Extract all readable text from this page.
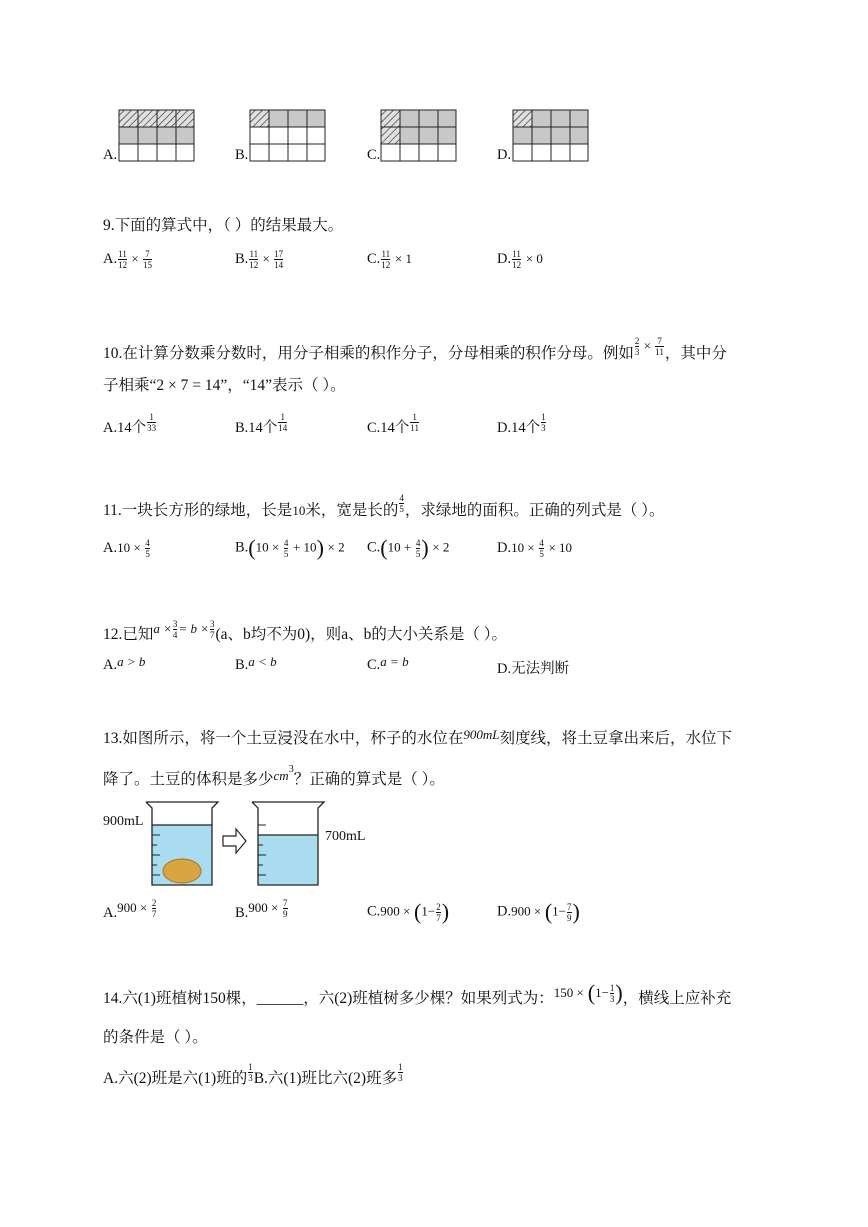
A.	B.	C.	D.
9.下面的算式中，（ ）的结果最大。
A. $\frac{11}{12} \times \frac{7}{15}$	B. $\frac{11}{12} \times \frac{17}{14}$	C. $\frac{11}{12} \times 1$	D. $\frac{11}{12} \times 0$
10.在计算分数乘分数时，用分子相乘的积作分子，分母相乘的积作分母。例如 $\frac{2}{3} ^\times \frac{7}{11}$ ，其中分
子相乘“2 × 7 = 14”，“14”表示（ ）。
A.14个 $\frac{1}{33}$	B.14个 $\frac{1}{14}$	C.14个 $\frac{1}{11}$	D.14个 $\frac{1}{3}$
11.一块长方形的绿地，长是10米，宽是长的 $\frac{4}{5}$ ，求绿地的面积。正确的列式是（ ）。
$A.10 \times \frac{4}{5}$	$B.(10 \times \frac{4}{5} + 10) \times 2$ $C.(10 + \frac{4}{5}$ ) × 2	$D.10 \times \frac{4}{5} \times 10$
12.已知$^{a \times} \frac{3}{4} ^{= b \times} \frac{3}{7} (a$、b均不为0)，则a、b的大小关系是（ ）。
A.a > b	B.a < b	C.a = b	D.无法判断
13.如图所示，将一个土豆浸没在水中，杯子的水位在$^{900mL}$刻度线，将土豆拿出来后，水位下
降了。土豆的体积是多少$^{cm3}$？正确的算式是（ ）。
900mL
700mL
$A.900 \times \frac{2}{7}$	$B.900 \times \frac{7}{9}$	$C.900 \times (1- \frac{2}{7}$ )	$D.900 \times (1- \frac{7}{9}$ )
14.六(1)班植树150棵，______，六(2)班植树多少棵？如果列式为：$^{150 \times}$ ($^{1-} \frac{1}{3}$ )，横线上应补充
的条件是（ ）。
A.六(2)班是六(1)班的 $\frac{1}{3} B$.六(1)班比六(2)班多 $\frac{1}{3}$
